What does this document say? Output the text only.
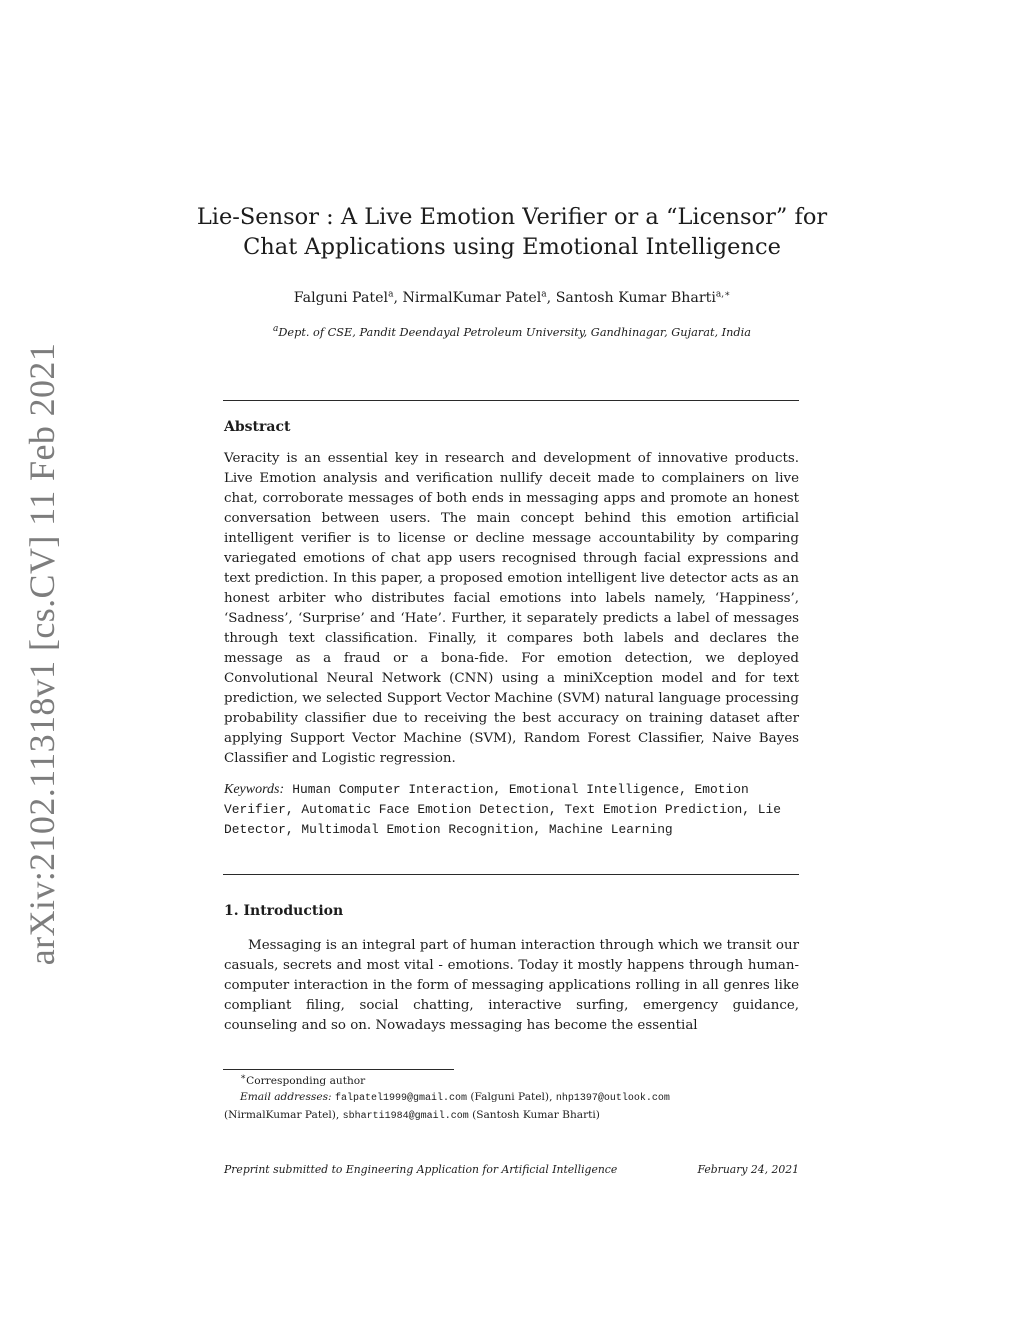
arXiv:2102.11318v1 [cs.CV] 11 Feb 2021
Lie-Sensor : A Live Emotion Verifier or a “Licensor” for
Chat Applications using Emotional Intelligence
Falguni Patel$^a$, NirmalKumar Patel$^a$, Santosh Kumar Bharti$^{a,∗}$
$^a$Dept. of CSE, Pandit Deendayal Petroleum University, Gandhinagar, Gujarat, India
Abstract

Veracity is an essential key in research and development of innovative products. Live Emotion analysis and verification nullify deceit made to complainers on live chat, corroborate messages of both ends in messaging apps and promote an honest conversation between users. The main concept behind this emotion artificial intelligent verifier is to license or decline message accountability by comparing variegated emotions of chat app users recognised through facial expressions and text prediction. In this paper, a proposed emotion intelligent live detector acts as an honest arbiter who distributes facial emotions into labels namely, ‘Happiness’, ‘Sadness’, ‘Surprise’ and ‘Hate’. Further, it separately predicts a label of messages through text classification. Finally, it compares both labels and declares the message as a fraud or a bona-fide. For emotion detection, we deployed Convolutional Neural Network (CNN) using a miniXception model and for text prediction, we selected Support Vector Machine (SVM) natural language processing probability classifier due to receiving the best accuracy on training dataset after applying Support Vector Machine (SVM), Random Forest Classifier, Naive Bayes Classifier and Logistic regression.

Keywords: Human Computer Interaction, Emotional Intelligence, Emotion Verifier, Automatic Face Emotion Detection, Text Emotion Prediction, Lie Detector, Multimodal Emotion Recognition, Machine Learning
1. Introduction

Messaging is an integral part of human interaction through which we transit our casuals, secrets and most vital - emotions. Today it mostly happens through human-computer interaction in the form of messaging applications rolling in all genres like compliant filing, social chatting, interactive surfing, emergency guidance, counseling and so on. Nowadays messaging has become the essential

∗Corresponding author
Email addresses: falpatel1999@gmail.com (Falguni Patel), nhp1397@outlook.com
(NirmalKumar Patel), sbharti1984@gmail.com (Santosh Kumar Bharti)
Preprint submitted to Engineering Application for Artificial Intelligence	February 24, 2021
